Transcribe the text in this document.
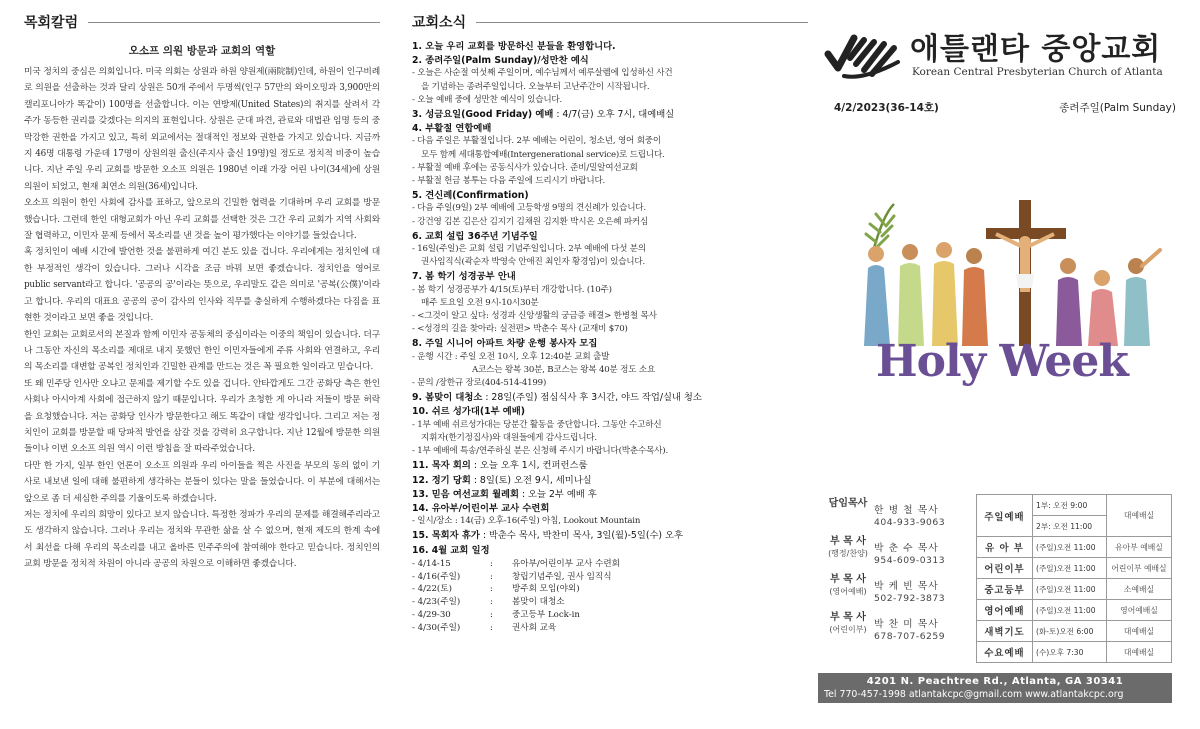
목회칼럼
오소프 의원 방문과 교회의 역할

미국 정치의 중심은 의회입니다. 미국 의회는 상원과 하원 양원제(兩院制)인데, 하원이 인구비례로 의원을 선출하는 것과 달리 상원은 50개 주에서 두명씩(인구 57만의 와이오밍과 3,900만의 캘리포니아가 똑같이) 100명을 선출합니다. 이는 연방제(United States)의 취지를 살려서 각 주가 동등한 권리를 갖겠다는 의지의 표현입니다. 상원은 군대 파견, 관료와 대법관 임명 등의 중 막강한 권한을 가지고 있고, 특히 외교에서는 절대적인 정보와 권한을 가지고 있습니다. 지금까지 46명 대통령 가운데 17명이 상원의원 출신(주지사 출신 19명)일 정도로 정치적 비중이 높습니다. 지난 주일 우리 교회를 방문한 오소프 의원은 1980년 이래 가장 어린 나이(34세)에 상원의원이 되었고, 현재 최연소 의원(36세)입니다.

오소프 의원이 한인 사회에 감사를 표하고, 앞으로의 긴밀한 협력을 기대하며 우리 교회를 방문했습니다. 그런데 한인 대형교회가 아닌 우리 교회를 선택한 것은 그간 우리 교회가 지역 사회와 잘 협력하고, 이민자 문제 등에서 목소리를 낸 것을 높이 평가했다는 이야기를 들었습니다.

혹 정치인이 예배 시간에 발언한 것을 불편하게 여긴 분도 있을 겁니다. 우리에게는 정치인에 대한 부정적인 생각이 있습니다. 그러나 시각을 조금 바꿔 보면 좋겠습니다. 정치인을 영어로 public servant라고 합니다. '공공의 공'이라는 뜻으로, 우리말도 같은 의미로 '공복(公僕)'이라고 합니다. 우리의 대표요 공공의 공이 감사의 인사와 직무를 충실하게 수행하겠다는 다짐을 표현한 것이라고 보면 좋을 것입니다.

한인 교회는 교회로서의 본질과 함께 이민자 공동체의 중심이라는 이중의 책임이 있습니다. 더구나 그동안 자신의 목소리를 제대로 내지 못했던 한인 이민자들에게 주류 사회와 연결하고, 우리의 목소리를 대변할 공복인 정치인과 긴밀한 관계를 만드는 것은 꼭 필요한 일이라고 믿습니다.

또 왜 민주당 인사만 오냐고 문제를 제기할 수도 있을 겁니다. 안타깝게도 그간 공화당 측은 한인 사회나 아시아계 사회에 접근하지 않기 때문입니다. 우리가 초청한 게 아니라 저들이 방문 허락을 요청했습니다. 저는 공화당 인사가 방문한다고 해도 똑같이 대할 생각입니다. 그리고 저는 정치인이 교회를 방문할 때 당파적 발언을 삼갈 것을 강력히 요구합니다. 지난 12월에 방문한 의원들이나 이번 오소프 의원 역시 이런 방침을 잘 따라주었습니다.

다만 한 가지, 일부 한인 언론이 오소프 의원과 우리 아이들을 찍은 사진을 부모의 동의 없이 기사로 내보낸 일에 대해 불편하게 생각하는 분들이 있다는 말을 들었습니다. 이 부분에 대해서는 앞으로 좀 더 세심한 주의를 기울이도록 하겠습니다.

저는 정치에 우리의 희망이 있다고 보지 않습니다. 특정한 정파가 우리의 문제를 해결해주리라고도 생각하지 않습니다. 그러나 우리는 정치와 무관한 삶을 살 수 없으며, 현재 제도의 한계 속에서 최선을 다해 우리의 목소리를 내고 올바른 민주주의에 참여해야 한다고 믿습니다. 정치인의 교회 방문을 정치적 차원이 아니라 공공의 차원으로 이해하면 좋겠습니다.

교회소식
1. 오늘 우리 교회를 방문하신 분들을 환영합니다.
2. 종려주일(Palm Sunday)/성만찬 예식
- 오늘은 사순절 여섯째 주일이며, 예수님께서 예루살렘에 입성하신 사건
을 기념하는 종려주일입니다. 오늘부터 고난주간이 시작됩니다.
- 오늘 예배 중에 성만찬 예식이 있습니다.
3. 성금요일(Good Friday) 예배 : 4/7(금) 오후 7시, 대예배실
4. 부활절 연합예배
- 다음 주일은 부활절입니다. 2부 예배는 어린이, 청소년, 영어 회중이
모두 함께 세대통합예배(Intergenerational service)로 드립니다.
- 부활절 예배 후에는 공동식사가 있습니다. 준비/밀알여선교회
- 부활절 헌금 봉투는 다음 주일에 드리시기 바랍니다.
5. 견신례(Confirmation)
- 다음 주일(9일) 2부 예배에 고등학생 9명의 견신례가 있습니다.
- 강건영 김본 김은산 김지기 김채원 김지환 박시온 오은혜 파커심
6. 교회 설립 36주년 기념주일
- 16일(주일)은 교회 설립 기념주일입니다. 2부 예배에 다섯 분의
권사임직식(곽순자 박영숙 안애진 최인자 황경임)이 있습니다.
7. 봄 학기 성경공부 안내
- 봄 학기 성경공부가 4/15(토)부터 개강합니다. (10주)
매주 토요일 오전 9시-10시30분
- <그것이 알고 싶다: 성경과 신앙생활의 궁금증 해결> 한병철 목사
- <성경의 길을 찾아라: 실전편> 박춘수 목사 (교재비 $70)
8. 주일 시니어 아파트 차량 운행 봉사자 모집
- 운행 시간 : 주일 오전 10시, 오후 12:40분 교회 출발
A코스는 왕복 30분, B코스는 왕복 40분 정도 소요
- 문의 /장한규 장로(404-514-4199)
9. 봄맞이 대청소 : 28일(주일) 점심식사 후 3시간, 야드 작업/실내 청소
10. 쉬르 성가대(1부 예배)
- 1부 예배 쉬르성가대는 당분간 활동을 중단합니다. 그동안 수고하신
지휘자(한기정집사)와 대원들에게 감사드립니다.
- 1부 예배에 특송/연주하실 분은 신청해 주시기 바랍니다(박춘수목사).
11. 목자 회의 : 오늘 오후 1시, 컨퍼런스룸
12. 정기 당회 : 8일(토) 오전 9시, 세미나실
13. 믿음 여선교회 월례회 : 오늘 2부 예배 후
14. 유아부/어린이부 교사 수련회
- 일시/장소 : 14(금) 오후-16(주일) 아침, Lookout Mountain
15. 목회자 휴가 : 박춘수 목사, 박찬미 목사, 3일(월)-5일(수) 오후
16. 4월 교회 일정
- 4/14-15	:	유아부/어린이부 교사 수련회
- 4/16(주일)	:	창립기념주일, 권사 임직식
- 4/22(토)	:	방주회 모임(야외)
- 4/23(주일)	:	봄맞이 대청소
- 4/29-30	:	중고등부 Lock-in
- 4/30(주일)	:	권사회 교육
애틀랜타 중앙교회
Korean Central Presbyterian Church of Atlanta
4/2/2023(36-14호)	종려주일(Palm Sunday)
Holy Week
담임목사
한 병 철 목사
404-933-9063
부 목 사
(행정/찬양) 박 춘 수 목사
954-609-0313
부 목 사
(영어예배) 박 케 빈 목사
502-792-3873
부 목 사
(어린이부) 박 찬 미 목사
678-707-6259
주일예배	1부: 오전 9:00	대예배실
	2부: 오전 11:00	
유 아 부	(주일)오전 11:00	유아부 예배실
어린이부	(주일)오전 11:00	어린이부 예배실
중고등부	(주일)오전 11:00	소예배실
영어예배	(주일)오전 11:00	영어예배실
새벽기도	(화-토)오전 6:00	대예배실
수요예배	(수)오후 7:30	대예배실
4201 N. Peachtree Rd., Atlanta, GA 30341
Tel 770-457-1998 atlantakcpc@gmail.com www.atlantakcpc.org
